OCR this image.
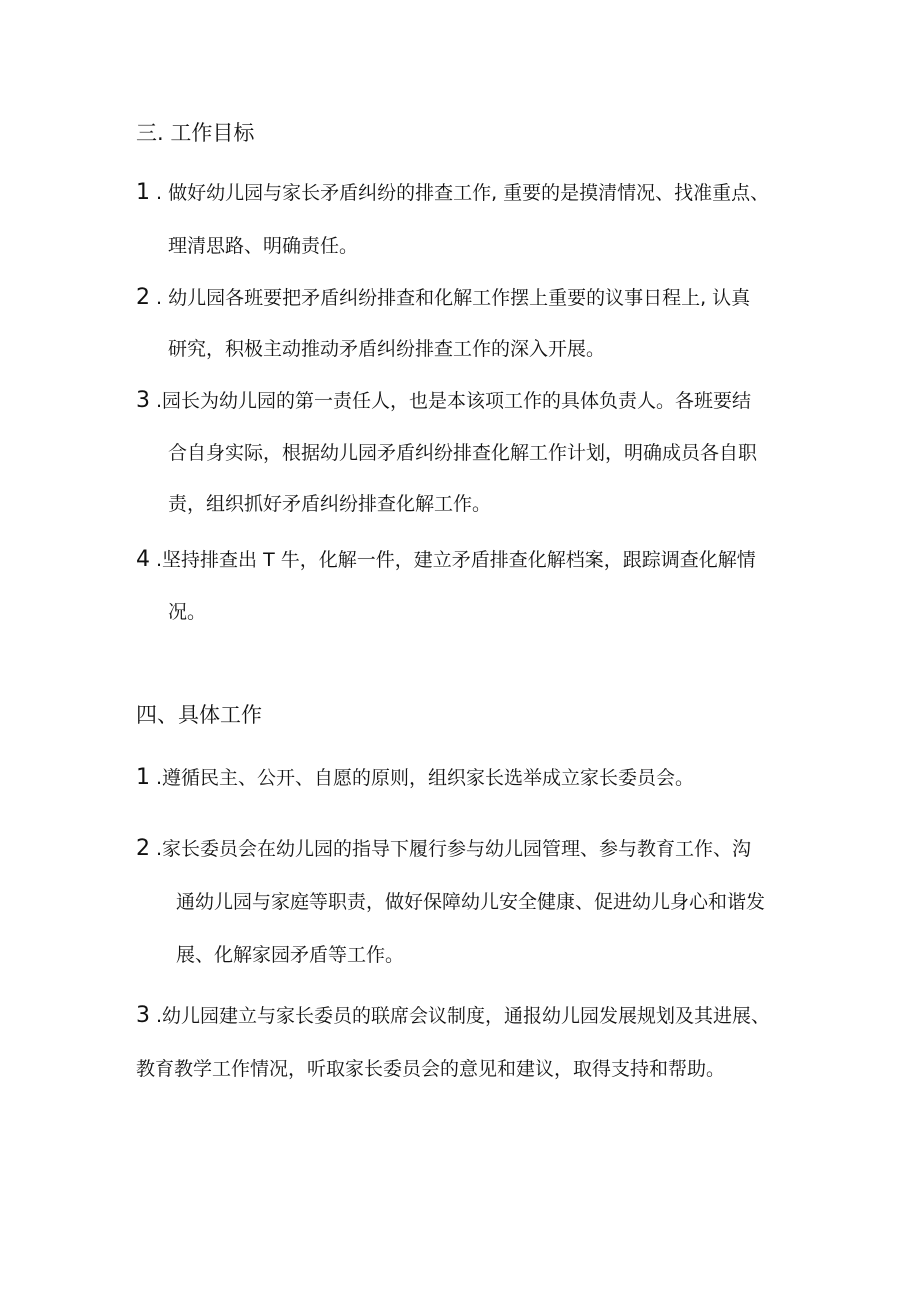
三. 工作目标
1 . 做好幼儿园与家长矛盾纠纷的排查工作, 重要的是摸清情况、找准重点、
理清思路、明确责任。
2 . 幼儿园各班要把矛盾纠纷排查和化解工作摆上重要的议事日程上, 认真
研究，积极主动推动矛盾纠纷排查工作的深入开展。
3 .园长为幼儿园的第一责任人，也是本该项工作的具体负责人。各班要结
合自身实际，根据幼儿园矛盾纠纷排查化解工作计划，明确成员各自职
责，组织抓好矛盾纠纷排查化解工作。
4 .坚持排查出 T 牛，化解一件，建立矛盾排查化解档案，跟踪调查化解情
况。
四、具体工作
1 .遵循民主、公开、自愿的原则，组织家长选举成立家长委员会。
2 .家长委员会在幼儿园的指导下履行参与幼儿园管理、参与教育工作、沟
通幼儿园与家庭等职责，做好保障幼儿安全健康、促进幼儿身心和谐发
展、化解家园矛盾等工作。
3 .幼儿园建立与家长委员的联席会议制度，通报幼儿园发展规划及其进展、
教育教学工作情况，听取家长委员会的意见和建议，取得支持和帮助。
